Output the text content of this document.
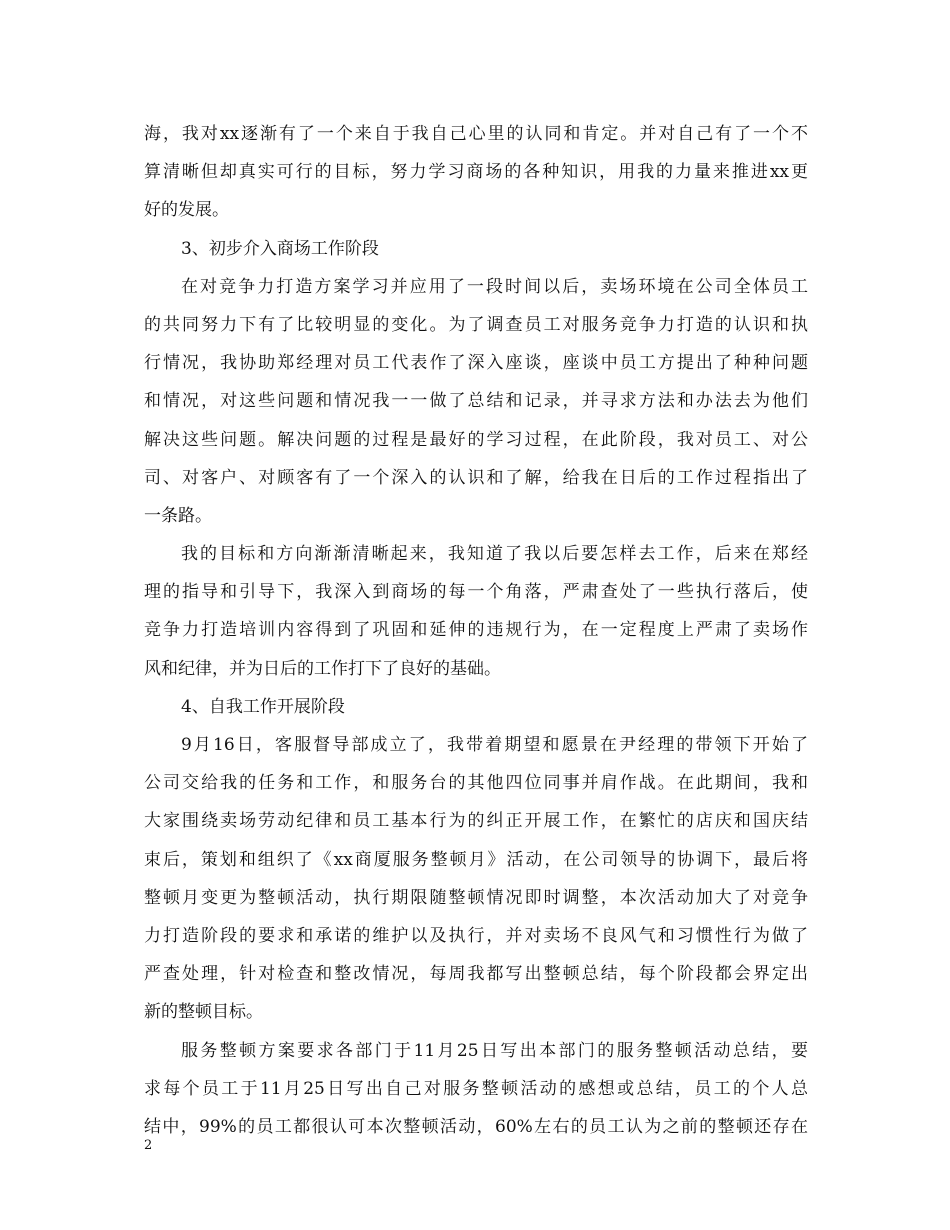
海，我对xx逐渐有了一个来自于我自己心里的认同和肯定。并对自己有了一个不
算清晰但却真实可行的目标，努力学习商场的各种知识，用我的力量来推进xx更
好的发展。
3、初步介入商场工作阶段
在对竞争力打造方案学习并应用了一段时间以后，卖场环境在公司全体员工
的共同努力下有了比较明显的变化。为了调查员工对服务竞争力打造的认识和执
行情况，我协助郑经理对员工代表作了深入座谈，座谈中员工方提出了种种问题
和情况，对这些问题和情况我一一做了总结和记录，并寻求方法和办法去为他们
解决这些问题。解决问题的过程是最好的学习过程，在此阶段，我对员工、对公
司、对客户、对顾客有了一个深入的认识和了解，给我在日后的工作过程指出了
一条路。
我的目标和方向渐渐清晰起来，我知道了我以后要怎样去工作，后来在郑经
理的指导和引导下，我深入到商场的每一个角落，严肃查处了一些执行落后，使
竞争力打造培训内容得到了巩固和延伸的违规行为，在一定程度上严肃了卖场作
风和纪律，并为日后的工作打下了良好的基础。
4、自我工作开展阶段
9月16日，客服督导部成立了，我带着期望和愿景在尹经理的带领下开始了
公司交给我的任务和工作，和服务台的其他四位同事并肩作战。在此期间，我和
大家围绕卖场劳动纪律和员工基本行为的纠正开展工作，在繁忙的店庆和国庆结
束后，策划和组织了《xx商厦服务整顿月》活动，在公司领导的协调下，最后将
整顿月变更为整顿活动，执行期限随整顿情况即时调整，本次活动加大了对竞争
力打造阶段的要求和承诺的维护以及执行，并对卖场不良风气和习惯性行为做了
严查处理，针对检查和整改情况，每周我都写出整顿总结，每个阶段都会界定出
新的整顿目标。
服务整顿方案要求各部门于11月25日写出本部门的服务整顿活动总结，要
求每个员工于11月25日写出自己对服务整顿活动的感想或总结，员工的个人总
结中，99%的员工都很认可本次整顿活动，60%左右的员工认为之前的整顿还存在
2
